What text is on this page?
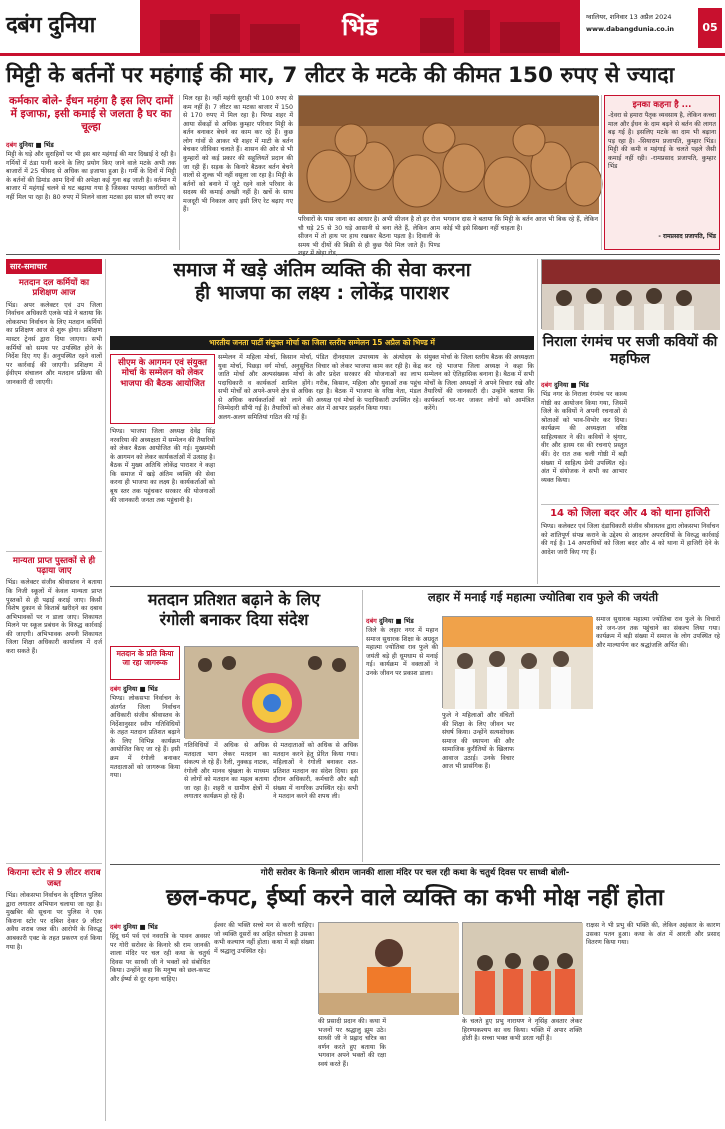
दबंग दुनिया	भिंड	ग्वालियर, शनिवार 13 अप्रैल 2024
www.dabangdunia.co.in	05
मिट्टी के बर्तनों पर महंगाई की मार, 7 लीटर के मटके की कीमत 150 रुपए से ज्यादा
कर्मकार बोले- ईंधन महंगा है इस लिए दामों में इजाफा, इसी कमाई से जलता है घर का चूल्हा
दबंग दुनिया ■ भिंड
मिट्टी के घड़े और सुराहियों पर भी इस बार महंगाई की मार दिखाई दे रही है। गर्मियों में ठंडा पानी करने के लिए प्रयोग किए जाने वाले मटके अभी तक बाजारों में 25 फीसद से अधिक का इजाफा हुआ है। गर्मी के दिनों में मिट्टी के बर्तनों की डिमांड आम दिनों की अपेक्षा कई गुना बढ़ जाती है। वर्तमान में बाजार में महंगाई चलने से घट बढ़ाया गया है जिसका फायदा कारीगरों को नहीं मिल पा रहा है। 80 रुपए में मिलने वाला मटका इस साल सौ रुपए का
मिल रहा है। नहीं महंगी सुराही भी 100 रुपए से कम नहीं है। 7 लीटर का मटका बाजार में 150 से 170 रुपए में मिल रहा है। पिण्ड शहर में आया सेंकड़ों से अधिक कुम्हार परिवार मिट्टी के बर्तन बनाकर बेचने का काम कर रहे हैं। कुछ लोग गांवों से आकर भी शहर में माटी के बर्तन बेचकर जीविका चलाते हैं। शासन की ओर से भी कुम्हारों को कई प्रकार की सहूलियतें प्रदान की जा रही हैं। सड़क के किनारे बैठकर बर्तन बेचने वालों से शुल्क भी नहीं वसूला जा रहा है। मिट्टी के बर्तनों को बनाने में जुटे रहने वाले परिवार के सदस्य की कमाई अच्छी नहीं है। खर्चे के साथ मजदूरी भी निकाल आए इसी लिए रेट बढ़ाए गए हैं।
परिवारों के पास जाना का आधार है। अभी सीजन है तो हर रोज चौ घड़े 25 से 30 घड़े आसानी से बना लेते हैं, लेकिन आम सीजन में तो हाथ पर हाथ रखकर बैठना पड़ता है। दिवाली के समय भी दीयों की बिक्री से ही कुछ पैसे मिल जाते हैं। पिण्ड
भगवान दास ने बताया कि मिट्टी के बर्तन आज भी बिक रहे हैं, लेकिन कोई भी इसे सिखना नहीं चाहता है।
इनका कहना है ...
-देवरा से हमारा पैतृक व्यवसाय है, लेकिन कच्चा माल और ईंधन के दाम बढ़ने से बर्तन की लागत बढ़ गई है। इसलिए मटके का दाम भी बढ़ाना पड़ रहा है। -सियाराम प्रजापति, कुम्हार भिंड। मिट्टी की कमी व महंगाई के चलते पहले जैसी कमाई नहीं रही। -रामप्रसाद प्रजापति, कुम्हार भिंड
- रामप्रसाद प्रजापति, भिंड
सार-समाचार
मतदान दल कर्मियों का प्रशिक्षण आज
भिंड। अपर कलेक्टर एवं उप जिला निर्वाचन अधिकारी एलके पांडे ने बताया कि लोकसभा निर्वाचन के लिए मतदान कर्मियों का प्रशिक्षण आज से शुरू होगा। प्रशिक्षण मास्टर ट्रेनर्स द्वारा दिया जाएगा। सभी कर्मियों को समय पर उपस्थित होने के निर्देश दिए गए हैं। अनुपस्थित रहने वालों पर कार्रवाई की जाएगी। प्रशिक्षण में ईवीएम संचालन और मतदान प्रक्रिया की जानकारी दी जाएगी।
मान्यता प्राप्त पुस्तकों से ही पढ़ाया जाए
भिंड। कलेक्टर संजीव श्रीवास्तव ने बताया कि निजी स्कूलों में केवल मान्यता प्राप्त पुस्तकों से ही पढ़ाई कराई जाए। किसी विशेष दुकान से किताबें खरीदने का दबाव अभिभावकों पर न डाला जाए। शिकायत मिलने पर स्कूल प्रबंधन के विरुद्ध कार्रवाई की जाएगी। अभिभावक अपनी शिकायत जिला शिक्षा अधिकारी कार्यालय में दर्ज करा सकते हैं।
किराना स्टोर से 9 लीटर शराब जब्त
भिंड। लोकसभा निर्वाचन के दृष्टिगत पुलिस द्वारा लगातार अभियान चलाया जा रहा है। मुखबिर की सूचना पर पुलिस ने एक किराना स्टोर पर दबिश देकर 9 लीटर अवैध शराब जब्त की। आरोपी के विरुद्ध आबकारी एक्ट के तहत प्रकरण दर्ज किया गया है।
समाज में खड़े अंतिम व्यक्ति की सेवा करना
ही भाजपा का लक्ष्य : लोकेंद्र पाराशर
भारतीय जनता पार्टी संयुक्त मोर्चा का जिला स्तरीय सम्मेलन 15 अप्रैल को भिण्ड में
सीएम के आगमन एवं संयुक्त मोर्चा के सम्मेलन को लेकर भाजपा की बैठक आयोजित
भिण्ड। भाजपा जिला अध्यक्ष देवेंद्र सिंह नरवरिया की अध्यक्षता में सम्मेलन की तैयारियों को लेकर बैठक आयोजित की गई। मुख्यमंत्री के आगमन को लेकर कार्यकर्ताओं में उत्साह है। बैठक में मुख्य अतिथि लोकेंद्र पाराशर ने कहा कि समाज में खड़े अंतिम व्यक्ति की सेवा करना ही भाजपा का लक्ष्य है। कार्यकर्ताओं को बूथ स्तर तक पहुंचकर सरकार की योजनाओं की जानकारी जनता तक पहुंचानी है।
सम्मेलन में महिला मोर्चा, किसान मोर्चा, युवा मोर्चा, पिछड़ा वर्ग मोर्चा, अनुसूचित जाति मोर्चा और अल्पसंख्यक मोर्चा के पदाधिकारी व कार्यकर्ता शामिल होंगे। सभी मोर्चों को अपने-अपने क्षेत्र से अधिक से अधिक कार्यकर्ताओं को लाने की जिम्मेदारी सौंपी गई है। तैयारियों को लेकर अलग-अलग समितियां गठित की गई हैं।
पंडित दीनदयाल उपाध्याय के अंत्योदय के विचार को लेकर भाजपा काम कर रही है। केंद्र और प्रदेश सरकार की योजनाओं का लाभ गरीब, किसान, महिला और युवाओं तक पहुंच रहा है। बैठक में भाजपा के वरिष्ठ नेता, मंडल अध्यक्ष एवं मोर्चा के पदाधिकारी उपस्थित रहे। अंत में आभार प्रदर्शन किया गया।
संयुक्त मोर्चा के जिला स्तरीय बैठक की अध्यक्षता कर रहे भाजपा जिला अध्यक्ष ने कहा कि सम्मेलन को ऐतिहासिक बनाना है। बैठक में सभी मोर्चों के जिला अध्यक्षों ने अपने विचार रखे और तैयारियों की जानकारी दी। उन्होंने बताया कि कार्यकर्ता घर-घर जाकर लोगों को आमंत्रित करेंगे।
निराला रंगमंच पर सजी कवियों की महफिल
दबंग दुनिया ■ भिंड
भिंड नगर के निराला रंगमंच पर काव्य गोष्ठी का आयोजन किया गया, जिसमें जिले के कवियों ने अपनी रचनाओं से श्रोताओं को भाव-विभोर कर दिया। कार्यक्रम की अध्यक्षता वरिष्ठ साहित्यकार ने की। कवियों ने श्रृंगार, वीर और हास्य रस की रचनाएं प्रस्तुत कीं। देर रात तक चली गोष्ठी में बड़ी संख्या में साहित्य प्रेमी उपस्थित रहे। अंत में संयोजक ने सभी का आभार व्यक्त किया।
14 को जिला बदर और 4 को थाना हाजिरी
भिण्ड। कलेक्टर एवं जिला दंडाधिकारी संजीव श्रीवास्तव द्वारा लोकसभा निर्वाचन को शांतिपूर्ण संपन्न कराने के उद्देश्य से आदतन अपराधियों के विरुद्ध कार्रवाई की गई है। 14 अपराधियों को जिला बदर और 4 को थाना में हाजिरी देने के आदेश जारी किए गए हैं।
मतदान प्रतिशत बढ़ाने के लिए
रंगोली बनाकर दिया संदेश
मतदान के प्रति किया जा रहा जागरूक
दबंग दुनिया ■ भिंड
भिण्ड। लोकसभा निर्वाचन के अंतर्गत जिला निर्वाचन अधिकारी संजीव श्रीवास्तव के निर्देशानुसार स्वीप गतिविधियों के तहत मतदान प्रतिशत बढ़ाने के लिए विभिन्न कार्यक्रम आयोजित किए जा रहे हैं। इसी क्रम में रंगोली बनाकर मतदाताओं को जागरूक किया गया।
गतिविधियों में अधिक से अधिक मतदाता भाग लेकर मतदान का संकल्प ले रहे हैं। रैली, नुक्कड़ नाटक, रंगोली और मानव श्रृंखला के माध्यम से लोगों को मतदान का महत्व बताया जा रहा है। शहरी व ग्रामीण क्षेत्रों में लगातार कार्यक्रम हो रहे हैं।
से मतदाताओं को अधिक से अधिक मतदान करने हेतु प्रेरित किया गया। महिलाओं ने रंगोली बनाकर शत-प्रतिशत मतदान का संदेश दिया। इस दौरान अधिकारी, कर्मचारी और बड़ी संख्या में नागरिक उपस्थित रहे। सभी ने मतदान करने की शपथ ली।
लहार में मनाई गई महात्मा ज्योतिबा राव फुले की जयंती
दबंग दुनिया ■ भिंड
जिले के लहार नगर में महान समाज सुधारक शिक्षा के अग्रदूत महात्मा ज्योतिबा राव फुले की जयंती बड़े ही धूमधाम से मनाई गई। कार्यक्रम में वक्ताओं ने उनके जीवन पर प्रकाश डाला।
फुले ने महिलाओं और वंचितों की शिक्षा के लिए जीवन भर संघर्ष किया। उन्होंने सत्यशोधक समाज की स्थापना की और सामाजिक कुरीतियों के खिलाफ आवाज उठाई। उनके विचार आज भी प्रासंगिक हैं।
समाज सुधारक महात्मा ज्योतिबा राव फुले के विचारों को जन-जन तक पहुंचाने का संकल्प लिया गया। कार्यक्रम में बड़ी संख्या में समाज के लोग उपस्थित रहे और माल्यार्पण कर श्रद्धांजलि अर्पित की।
गोरी सरोवर के किनारे श्रीराम जानकी शाला मंदिर पर चल रही कथा के चतुर्थ दिवस पर साध्वी बोली-
छल-कपट, ईर्ष्या करने वाले व्यक्ति का कभी मोक्ष नहीं होता
दबंग दुनिया ■ भिंड
हिंदू धर्म पर्व एवं नवरात्रि के पावन अवसर पर गोरी सरोवर के किनारे श्री राम जानकी शाला मंदिर पर चल रही कथा के चतुर्थ दिवस पर साध्वी जी ने भक्तों को संबोधित किया। उन्होंने कहा कि मनुष्य को छल-कपट और ईर्ष्या से दूर रहना चाहिए।
ईश्वर की भक्ति सच्चे मन से करनी चाहिए। जो व्यक्ति दूसरों का अहित सोचता है उसका कभी कल्याण नहीं होता। कथा में बड़ी संख्या में श्रद्धालु उपस्थित रहे।
की प्रसादी प्रदान की। कथा में भजनों पर श्रद्धालु झूम उठे। साध्वी जी ने प्रह्लाद चरित्र का वर्णन करते हुए बताया कि भगवान अपने भक्तों की रक्षा स्वयं करते हैं।
के चलते हुए प्रभु नारायण ने नृसिंह अवतार लेकर हिरण्यकश्यप का वध किया। भक्ति में अपार शक्ति होती है। सच्चा भक्त कभी डरता नहीं है।
राक्षस ने भी प्रभु की भक्ति की, लेकिन अहंकार के कारण उसका पतन हुआ। कथा के अंत में आरती और प्रसाद वितरण किया गया।
